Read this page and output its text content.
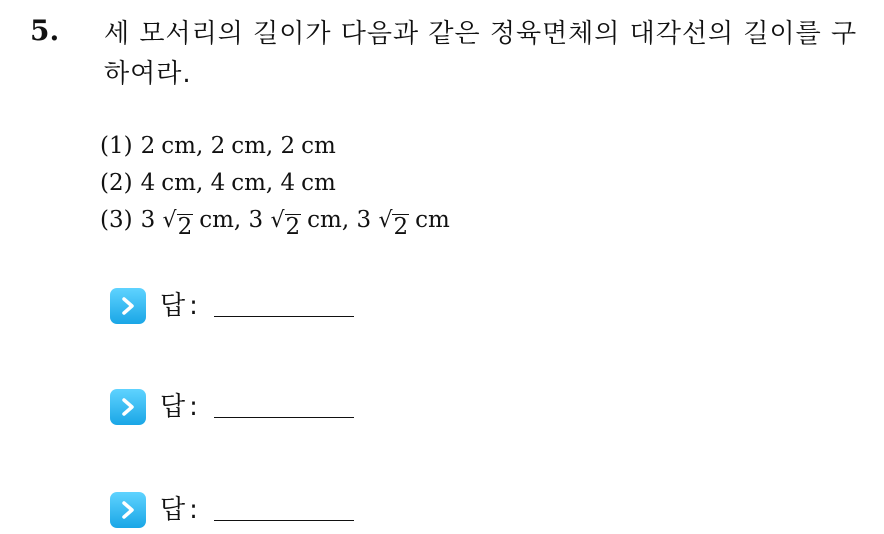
5. 세 모서리의 길이가 다음과 같은 정육면체의 대각선의 길이를 구하여라.
(1) 2 cm , 2 cm , 2 cm
(2) 4 cm , 4 cm , 4 cm
(3) 3 √ 2 cm , 3 √ 2 cm , 3 √ 2 cm
답 :
답 :
답 :
